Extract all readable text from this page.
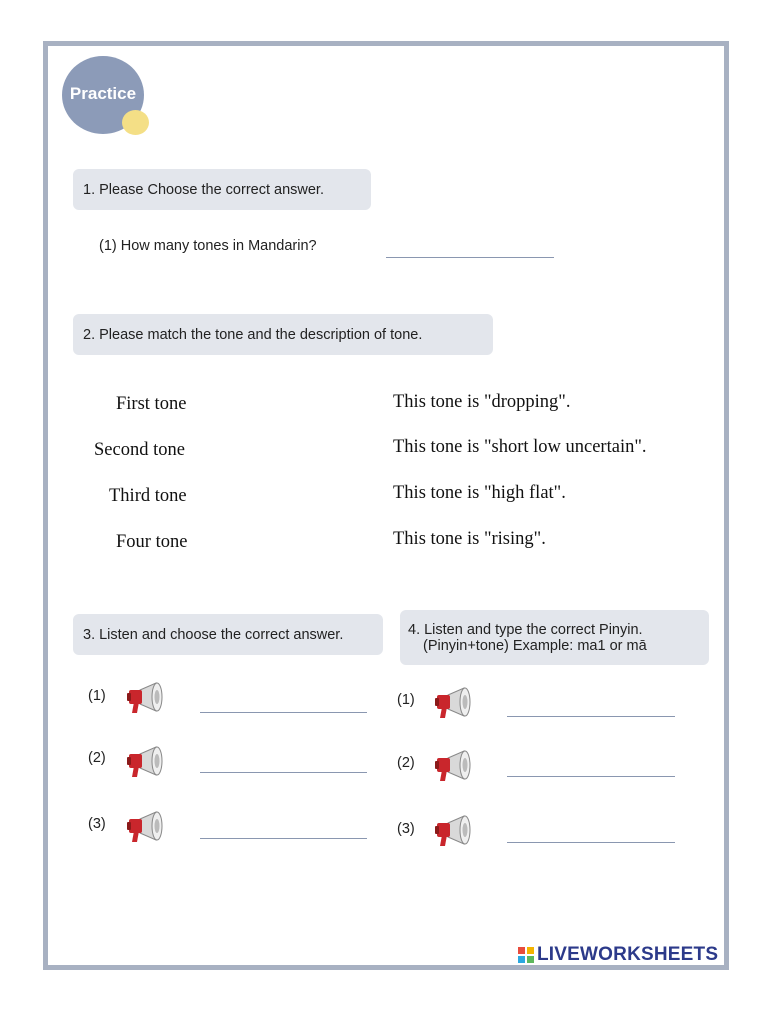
Practice
1. Please Choose the correct answer.
(1) How many tones in Mandarin?
2. Please match the tone and the description of tone.
First tone
Second tone
Third tone
Four tone
This tone is "dropping".
This tone is "short low uncertain".
This tone is "high flat".
This tone is "rising".
3. Listen and choose the correct answer.
(1)
(2)
(3)
4. Listen and type the correct Pinyin.
(Pinyin+tone) Example: ma1 or mā
(1)
(2)
(3)
LIVEWORKSHEETS
